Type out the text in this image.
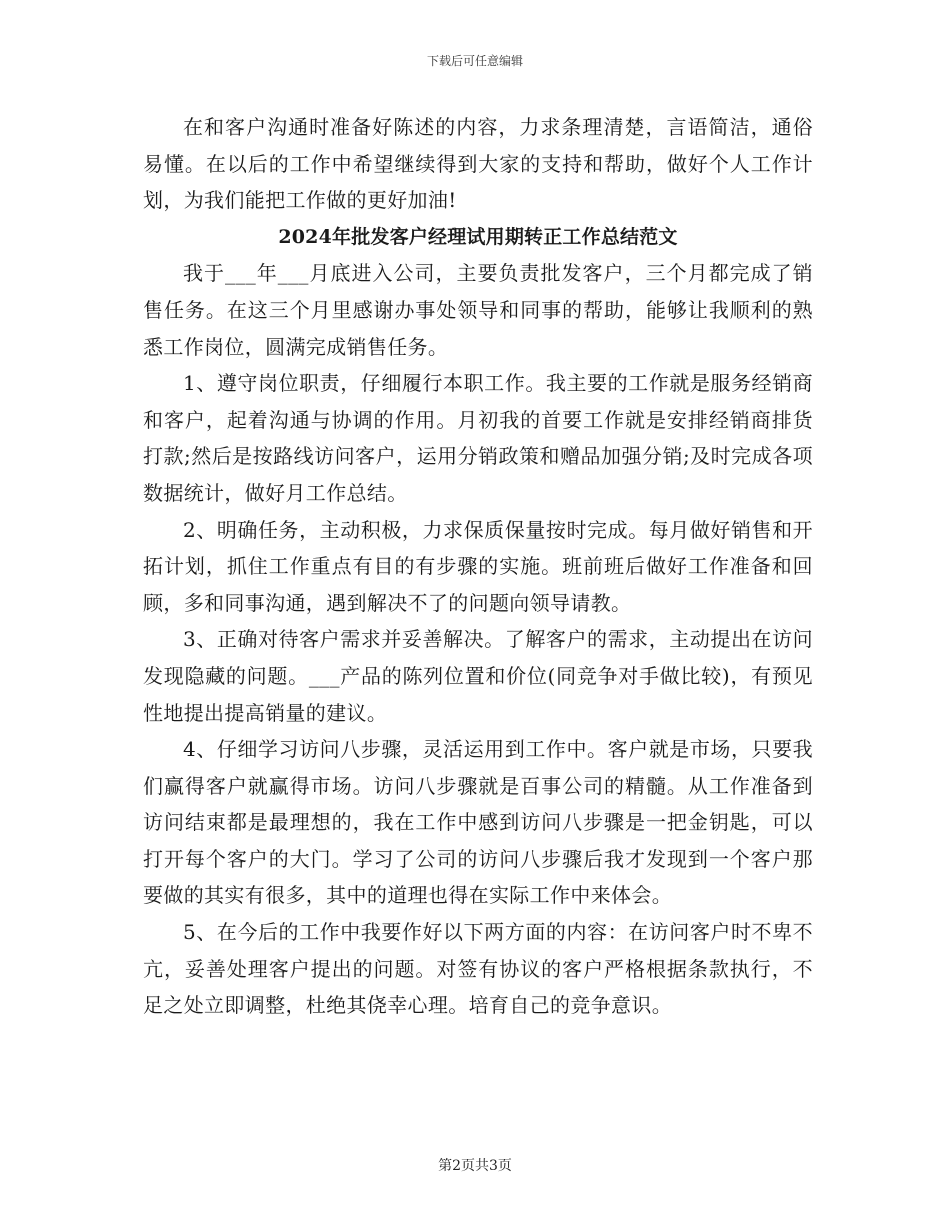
下载后可任意编辑

在和客户沟通时准备好陈述的内容，力求条理清楚，言语简洁，通俗易懂。在以后的工作中希望继续得到大家的支持和帮助，做好个人工作计划，为我们能把工作做的更好加油!

2024年批发客户经理试用期转正工作总结范文

我于___年___月底进入公司，主要负责批发客户，三个月都完成了销售任务。在这三个月里感谢办事处领导和同事的帮助，能够让我顺利的熟悉工作岗位，圆满完成销售任务。

1、遵守岗位职责，仔细履行本职工作。我主要的工作就是服务经销商和客户，起着沟通与协调的作用。月初我的首要工作就是安排经销商排货打款;然后是按路线访问客户，运用分销政策和赠品加强分销;及时完成各项数据统计，做好月工作总结。

2、明确任务，主动积极，力求保质保量按时完成。每月做好销售和开拓计划，抓住工作重点有目的有步骤的实施。班前班后做好工作准备和回顾，多和同事沟通，遇到解决不了的问题向领导请教。

3、正确对待客户需求并妥善解决。了解客户的需求，主动提出在访问发现隐藏的问题。___产品的陈列位置和价位(同竞争对手做比较)，有预见性地提出提高销量的建议。

4、仔细学习访问八步骤，灵活运用到工作中。客户就是市场，只要我们赢得客户就赢得市场。访问八步骤就是百事公司的精髓。从工作准备到访问结束都是最理想的，我在工作中感到访问八步骤是一把金钥匙，可以打开每个客户的大门。学习了公司的访问八步骤后我才发现到一个客户那要做的其实有很多，其中的道理也得在实际工作中来体会。

5、在今后的工作中我要作好以下两方面的内容：在访问客户时不卑不亢，妥善处理客户提出的问题。对签有协议的客户严格根据条款执行，不足之处立即调整，杜绝其侥幸心理。培育自己的竞争意识。

第2页共3页
